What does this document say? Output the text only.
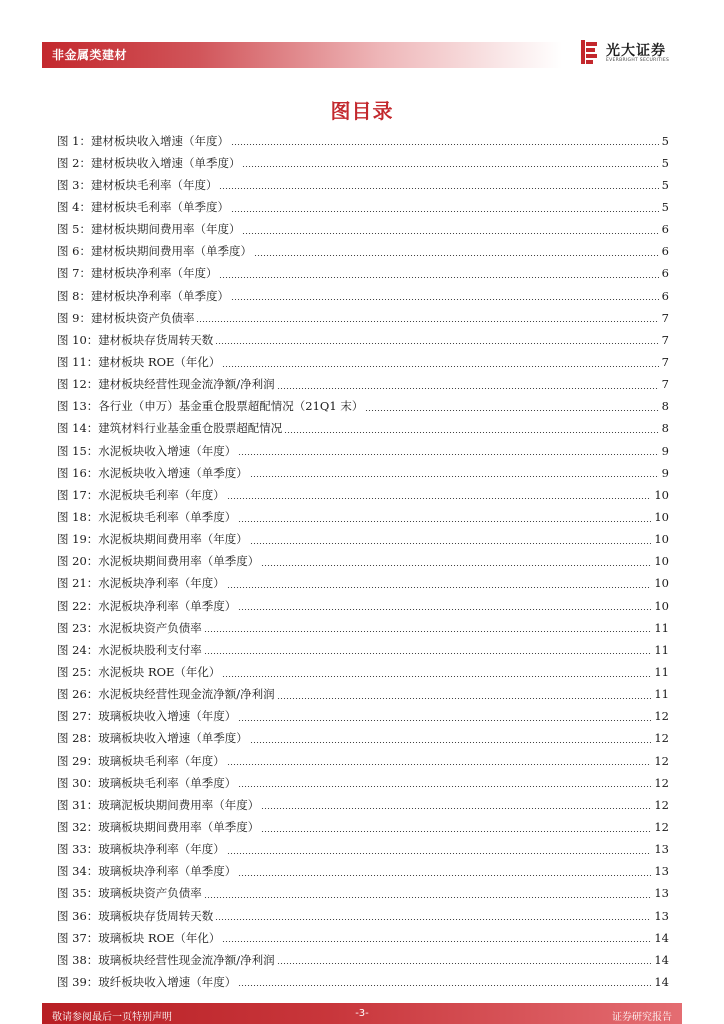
非金属类建材	光大证券
EVERBRIGHT SECURITIES
图目录
图 1：建材板块收入增速（年度）	5
图 2：建材板块收入增速（单季度）	5
图 3：建材板块毛利率（年度）	5
图 4：建材板块毛利率（单季度）	5
图 5：建材板块期间费用率（年度）	6
图 6：建材板块期间费用率（单季度）	6
图 7：建材板块净利率（年度）	6
图 8：建材板块净利率（单季度）	6
图 9：建材板块资产负债率	7
图 10：建材板块存货周转天数	7
图 11：建材板块 ROE（年化）	7
图 12：建材板块经营性现金流净额/净利润	7
图 13：各行业（申万）基金重仓股票超配情况（21Q1 末）	8
图 14：建筑材料行业基金重仓股票超配情况	8
图 15：水泥板块收入增速（年度）	9
图 16：水泥板块收入增速（单季度）	9
图 17：水泥板块毛利率（年度）	10
图 18：水泥板块毛利率（单季度）	10
图 19：水泥板块期间费用率（年度）	10
图 20：水泥板块期间费用率（单季度）	10
图 21：水泥板块净利率（年度）	10
图 22：水泥板块净利率（单季度）	10
图 23：水泥板块资产负债率	11
图 24：水泥板块股利支付率	11
图 25：水泥板块 ROE（年化）	11
图 26：水泥板块经营性现金流净额/净利润	11
图 27：玻璃板块收入增速（年度）	12
图 28：玻璃板块收入增速（单季度）	12
图 29：玻璃板块毛利率（年度）	12
图 30：玻璃板块毛利率（单季度）	12
图 31：玻璃泥板块期间费用率（年度）	12
图 32：玻璃板块期间费用率（单季度）	12
图 33：玻璃板块净利率（年度）	13
图 34：玻璃板块净利率（单季度）	13
图 35：玻璃板块资产负债率	13
图 36：玻璃板块存货周转天数	13
图 37：玻璃板块 ROE（年化）	14
图 38：玻璃板块经营性现金流净额/净利润	14
图 39：玻纤板块收入增速（年度）	14
敬请参阅最后一页特别声明	-3-	证券研究报告
